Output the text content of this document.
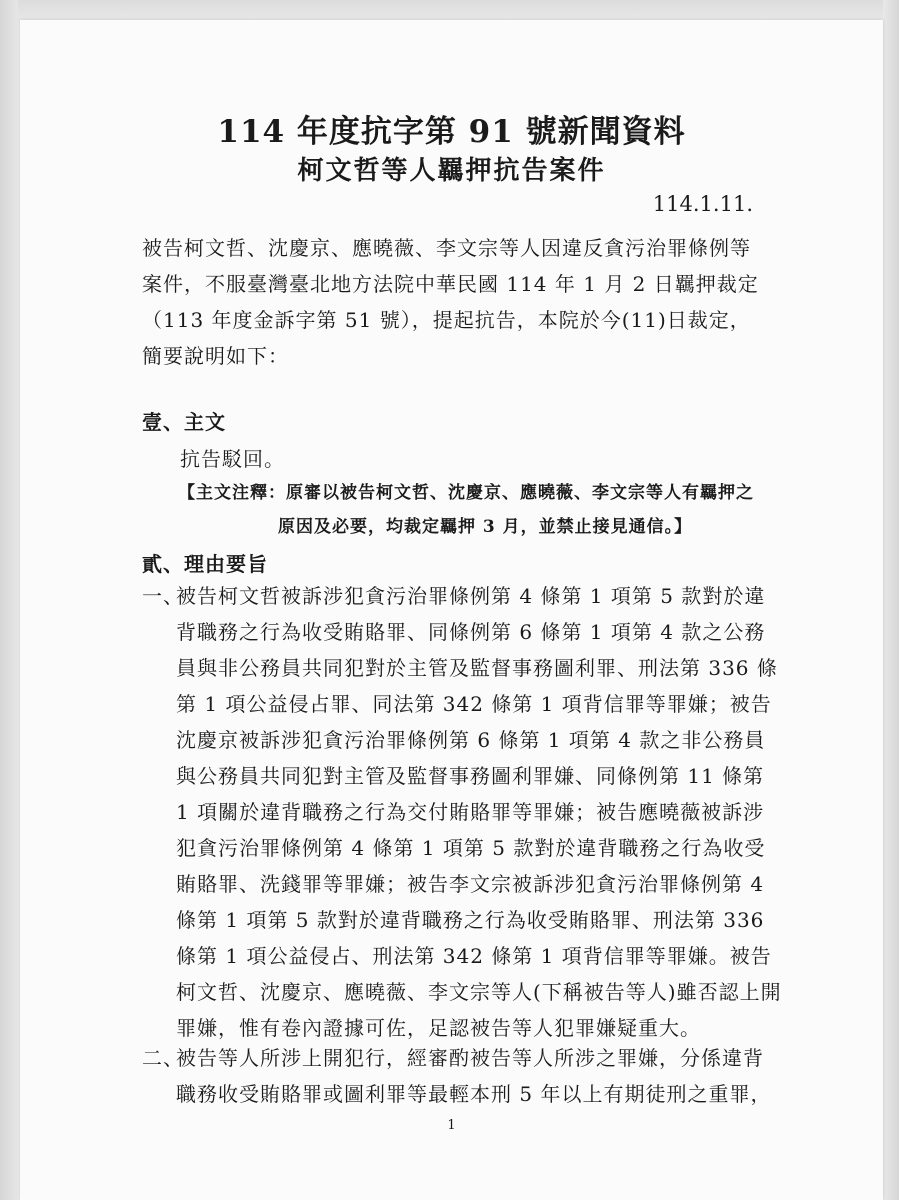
114 年度抗字第 91 號新聞資料
柯文哲等人羈押抗告案件
114.1.11.
被告柯文哲、沈慶京、應曉薇、李文宗等人因違反貪污治罪條例等案件，不服臺灣臺北地方法院中華民國 114 年 1 月 2 日羈押裁定（113 年度金訴字第 51 號），提起抗告，本院於今(11)日裁定，簡要說明如下：
壹、主文
抗告駁回。
【主文注釋：原審以被告柯文哲、沈慶京、應曉薇、李文宗等人有羈押之
原因及必要，均裁定羈押 3 月，並禁止接見通信。】
貳、理由要旨
一、
被告柯文哲被訴涉犯貪污治罪條例第 4 條第 1 項第 5 款對於違背職務之行為收受賄賂罪、同條例第 6 條第 1 項第 4 款之公務員與非公務員共同犯對於主管及監督事務圖利罪、刑法第 336 條第 1 項公益侵占罪、同法第 342 條第 1 項背信罪等罪嫌；被告沈慶京被訴涉犯貪污治罪條例第 6 條第 1 項第 4 款之非公務員與公務員共同犯對主管及監督事務圖利罪嫌、同條例第 11 條第 1 項關於違背職務之行為交付賄賂罪等罪嫌；被告應曉薇被訴涉犯貪污治罪條例第 4 條第 1 項第 5 款對於違背職務之行為收受賄賂罪、洗錢罪等罪嫌；被告李文宗被訴涉犯貪污治罪條例第 4 條第 1 項第 5 款對於違背職務之行為收受賄賂罪、刑法第 336 條第 1 項公益侵占、刑法第 342 條第 1 項背信罪等罪嫌。被告柯文哲、沈慶京、應曉薇、李文宗等人(下稱被告等人)雖否認上開罪嫌，惟有卷內證據可佐，足認被告等人犯罪嫌疑重大。
二、
被告等人所涉上開犯行，經審酌被告等人所涉之罪嫌，分係違背職務收受賄賂罪或圖利罪等最輕本刑 5 年以上有期徒刑之重罪，
1
